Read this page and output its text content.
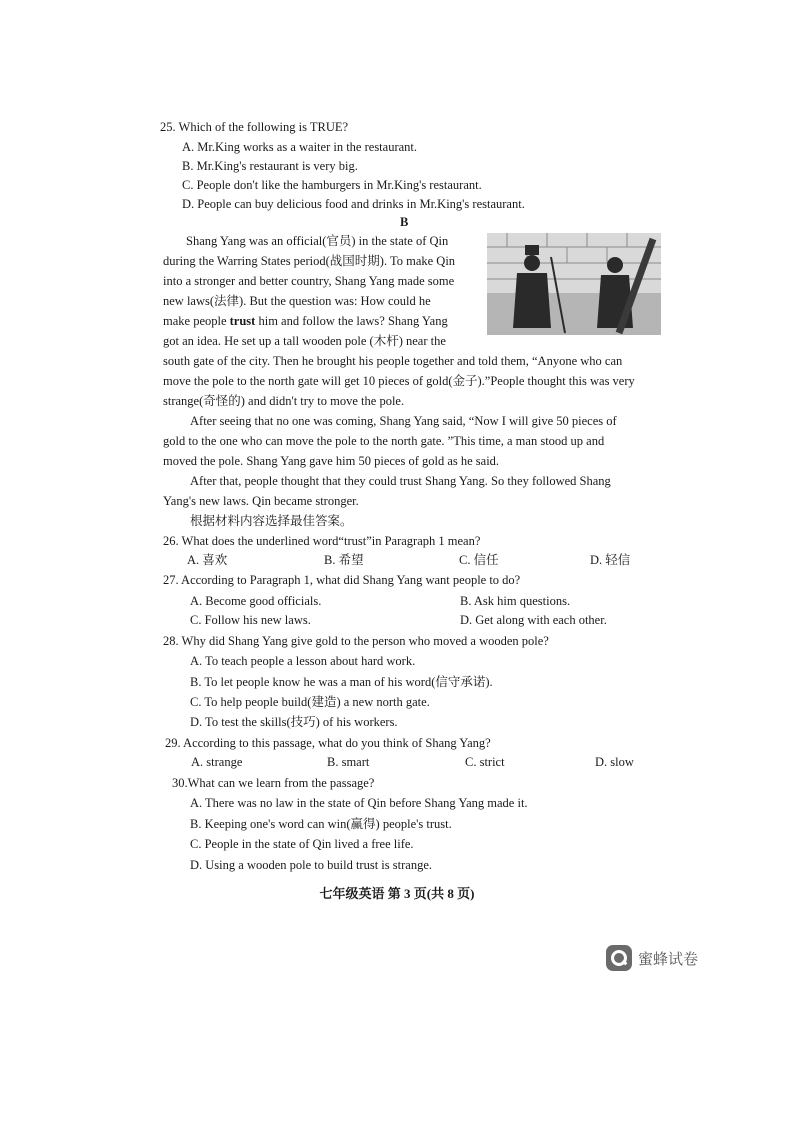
25. Which of the following is TRUE?
A. Mr.King works as a waiter in the restaurant.
B. Mr.King's restaurant is very big.
C. People don't like the hamburgers in Mr.King's restaurant.
D. People can buy delicious food and drinks in Mr.King's restaurant.
B
Shang Yang was an official(官员) in the state of Qin
during the Warring States period(战国时期). To make Qin
into a stronger and better country, Shang Yang made some
new laws(法律). But the question was: How could he
make people trust him and follow the laws? Shang Yang
got an idea. He set up a tall wooden pole (木杆) near the
south gate of the city. Then he brought his people together and told them, “Anyone who can
move the pole to the north gate will get 10 pieces of gold(金子).”People thought this was very
strange(奇怪的) and didn't try to move the pole.
After seeing that no one was coming, Shang Yang said, “Now I will give 50 pieces of
gold to the one who can move the pole to the north gate. ”This time, a man stood up and
moved the pole. Shang Yang gave him 50 pieces of gold as he said.
After that, people thought that they could trust Shang Yang. So they followed Shang
Yang's new laws. Qin became stronger.
根据材料内容选择最佳答案。
26. What does the underlined word“trust”in Paragraph 1 mean?
A. 喜欢	B. 希望	C. 信任	D. 轻信
27. According to Paragraph 1, what did Shang Yang want people to do?
A. Become good officials.	B. Ask him questions.
C. Follow his new laws.	D. Get along with each other.
28. Why did Shang Yang give gold to the person who moved a wooden pole?
A. To teach people a lesson about hard work.
B. To let people know he was a man of his word(信守承诺).
C. To help people build(建造) a new north gate.
D. To test the skills(技巧) of his workers.
29. According to this passage, what do you think of Shang Yang?
A. strange	B. smart	C. strict	D. slow
30.What can we learn from the passage?
A. There was no law in the state of Qin before Shang Yang made it.
B. Keeping one's word can win(赢得) people's trust.
C. People in the state of Qin lived a free life.
D. Using a wooden pole to build trust is strange.
七年级英语 第 3 页(共 8 页)
蜜蜂试卷
